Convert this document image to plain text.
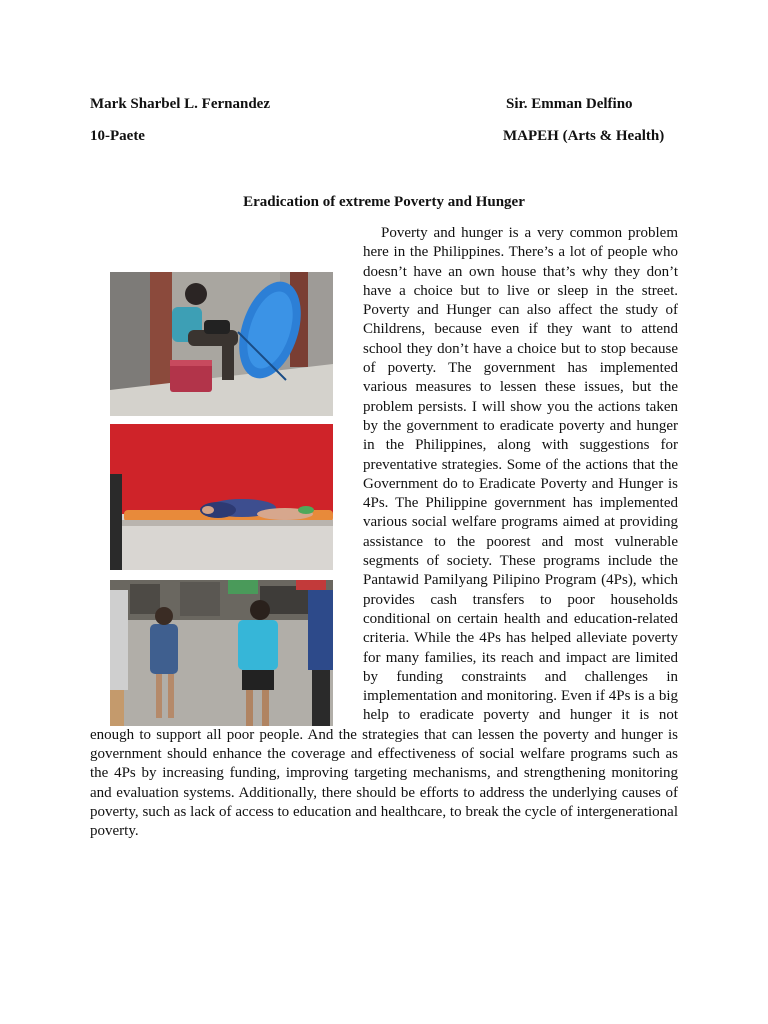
Mark Sharbel L. Fernandez	Sir. Emman Delfino
10-Paete	MAPEH (Arts & Health)
Eradication of extreme Poverty and Hunger

Poverty and hunger is a very common problem here in the Philippines. There’s a lot of people who doesn’t have an own house that’s why they don’t have a choice but to live or sleep in the street. Poverty and Hunger can also affect the study of Childrens, because even if they want to attend school they don’t have a choice but to stop because of poverty. The government has implemented various measures to lessen these issues, but the problem persists. I will show you the actions taken by the government to eradicate poverty and hunger in the Philippines, along with suggestions for preventative strategies. Some of the actions that the Government do to Eradicate Poverty and Hunger is 4Ps. The Philippine government has implemented various social welfare programs aimed at providing assistance to the poorest and most vulnerable segments of society. These programs include the Pantawid Pamilyang Pilipino Program (4Ps), which provides cash transfers to poor households conditional on certain health and education-related criteria. While the 4Ps has helped alleviate poverty for many families, its reach and impact are limited by funding constraints and challenges in implementation and monitoring. Even if 4Ps is a big help to eradicate poverty and hunger it is not enough to support all poor people. And the strategies that can lessen the poverty and hunger is government should enhance the coverage and effectiveness of social welfare programs such as the 4Ps by increasing funding, improving targeting mechanisms, and strengthening monitoring and evaluation systems. Additionally, there should be efforts to address the underlying causes of poverty, such as lack of access to education and healthcare, to break the cycle of intergenerational poverty.
